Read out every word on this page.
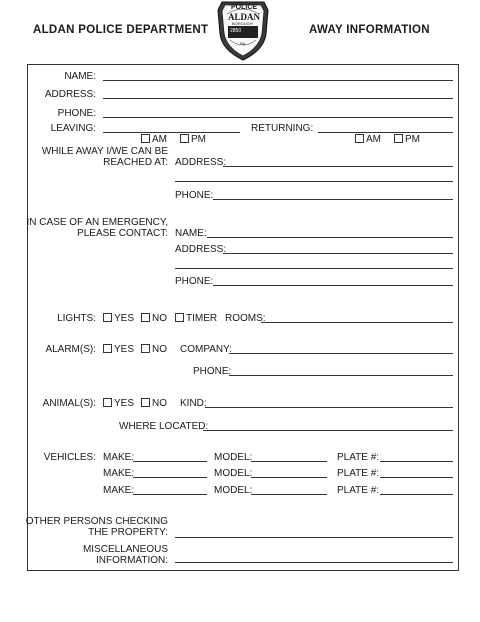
ALDAN POLICE DEPARTMENT	AWAY INFORMATION
POLICE
ALDAN
BOROUGH
2850
PA
NAME:
ADDRESS:
PHONE:
LEAVING:	RETURNING:
AM	PM	AM	PM
WHILE AWAY I/WE CAN BE
REACHED AT: ADDRESS:
PHONE:
IN CASE OF AN EMERGENCY,
PLEASE CONTACT: NAME:
ADDRESS:
PHONE:
LIGHTS:	YES	NO	TIMER ROOMS:
ALARM(S):	YES	NO COMPANY:
PHONE:
ANIMAL(S):	YES	NO KIND:
WHERE LOCATED:
VEHICLES: MAKE:	MODEL:	PLATE #:
MAKE:	MODEL:	PLATE #:
MAKE:	MODEL:	PLATE #:
OTHER PERSONS CHECKING
THE PROPERTY:
MISCELLANEOUS
INFORMATION:
